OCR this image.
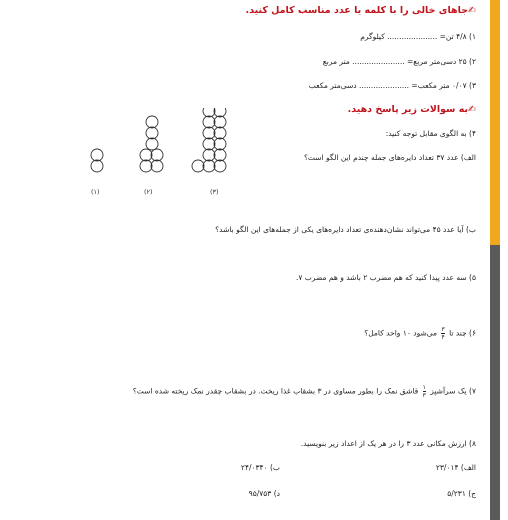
✍جاهای خالی را با کلمه یا عدد مناسب کامل کنید.
۱) ۴/۸ تن= ..................... کیلوگرم
۲) ۲۵ دسی‌متر مربع= ...................... متر مربع
۳) ۰/۰۷ متر مکعب= ..................... دسی‌متر مکعب
✍به سوالات زیر پاسخ دهید.
۴) به الگوی مقابل توجه کنید:
الف) عدد ۳۷ تعداد دایره‌های جمله چندم این الگو است؟
(۱)	(۲)	(۳)
ب) آیا عدد ۴۵ می‌تواند نشان‌دهنده‌ی تعداد دایره‌های یکی از جمله‌های این الگو باشد؟
۵) سه عدد پیدا کنید که هم مضرب ۲ باشد و هم مضرب ۷.
۶) چند تا
$\frac{۳}{۴}$
می‌شود ۱۰ واحد کامل؟
۷) یک سرآشپز
$\frac{۱}{۳}$
قاشق نمک را بطور مساوی در ۳ بشقاب غذا ریخت. در بشقاب چقدر نمک ریخته شده است؟
۸) ارزش مکانی عدد ۳ را در هر یک از اعداد زیر بنویسید.
الف) ۲۳/۰۱۴
ب) ۲۴/۰۳۴۰
ج) ۵/۲۳۱
د) ۹۵/۷۵۳
